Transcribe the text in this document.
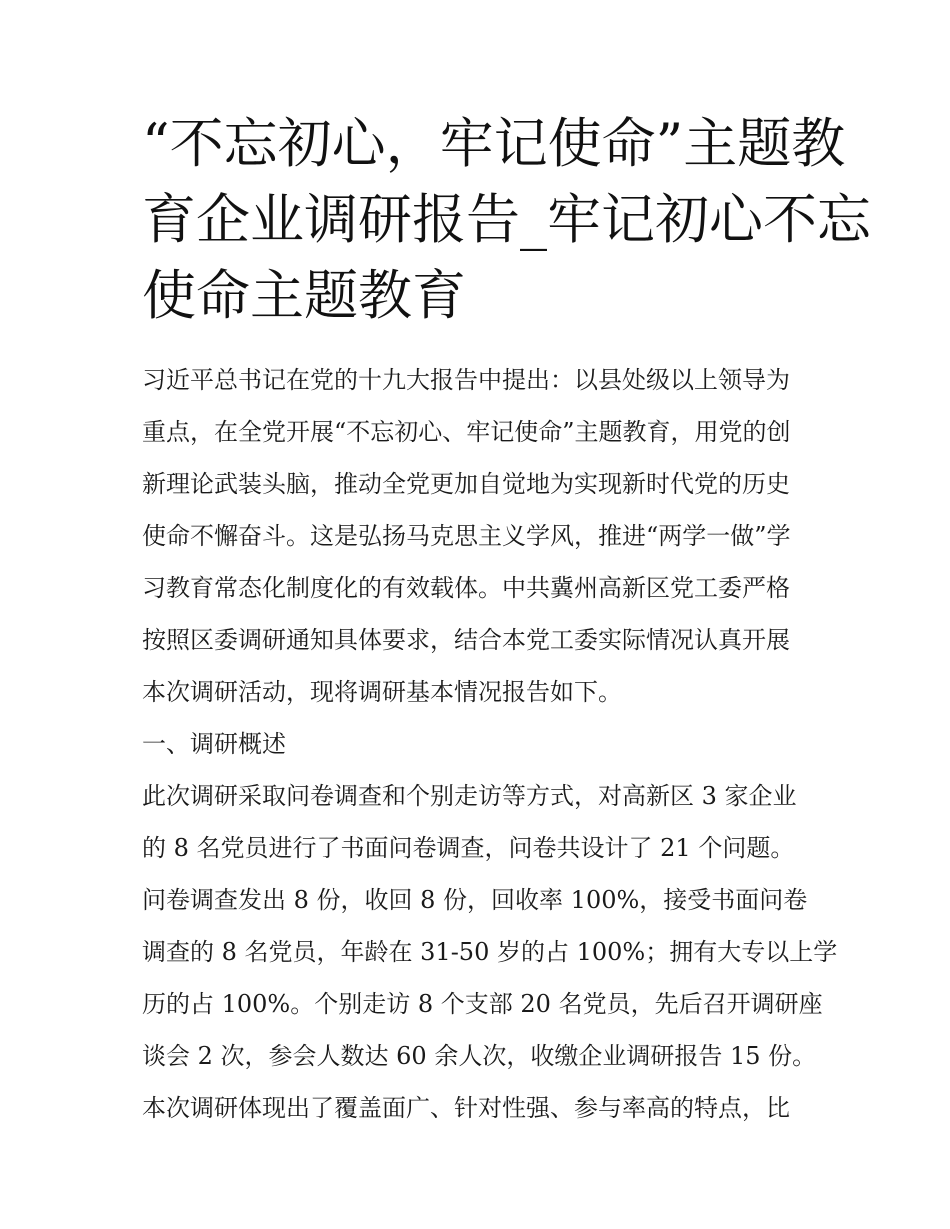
“不忘初心，牢记使命”主题教
育企业调研报告_牢记初心不忘
使命主题教育
习近平总书记在党的十九大报告中提出：以县处级以上领导为
重点，在全党开展“不忘初心、牢记使命”主题教育，用党的创
新理论武装头脑，推动全党更加自觉地为实现新时代党的历史
使命不懈奋斗。这是弘扬马克思主义学风，推进“两学一做”学
习教育常态化制度化的有效载体。中共冀州高新区党工委严格
按照区委调研通知具体要求，结合本党工委实际情况认真开展
本次调研活动，现将调研基本情况报告如下。
一、调研概述
此次调研采取问卷调查和个别走访等方式，对高新区 3 家企业
的 8 名党员进行了书面问卷调查，问卷共设计了 21 个问题。
问卷调查发出 8 份，收回 8 份，回收率 100%，接受书面问卷
调查的 8 名党员，年龄在 31-50 岁的占 100%；拥有大专以上学
历的占 100%。个别走访 8 个支部 20 名党员，先后召开调研座
谈会 2 次，参会人数达 60 余人次，收缴企业调研报告 15 份。
本次调研体现出了覆盖面广、针对性强、参与率高的特点，比
